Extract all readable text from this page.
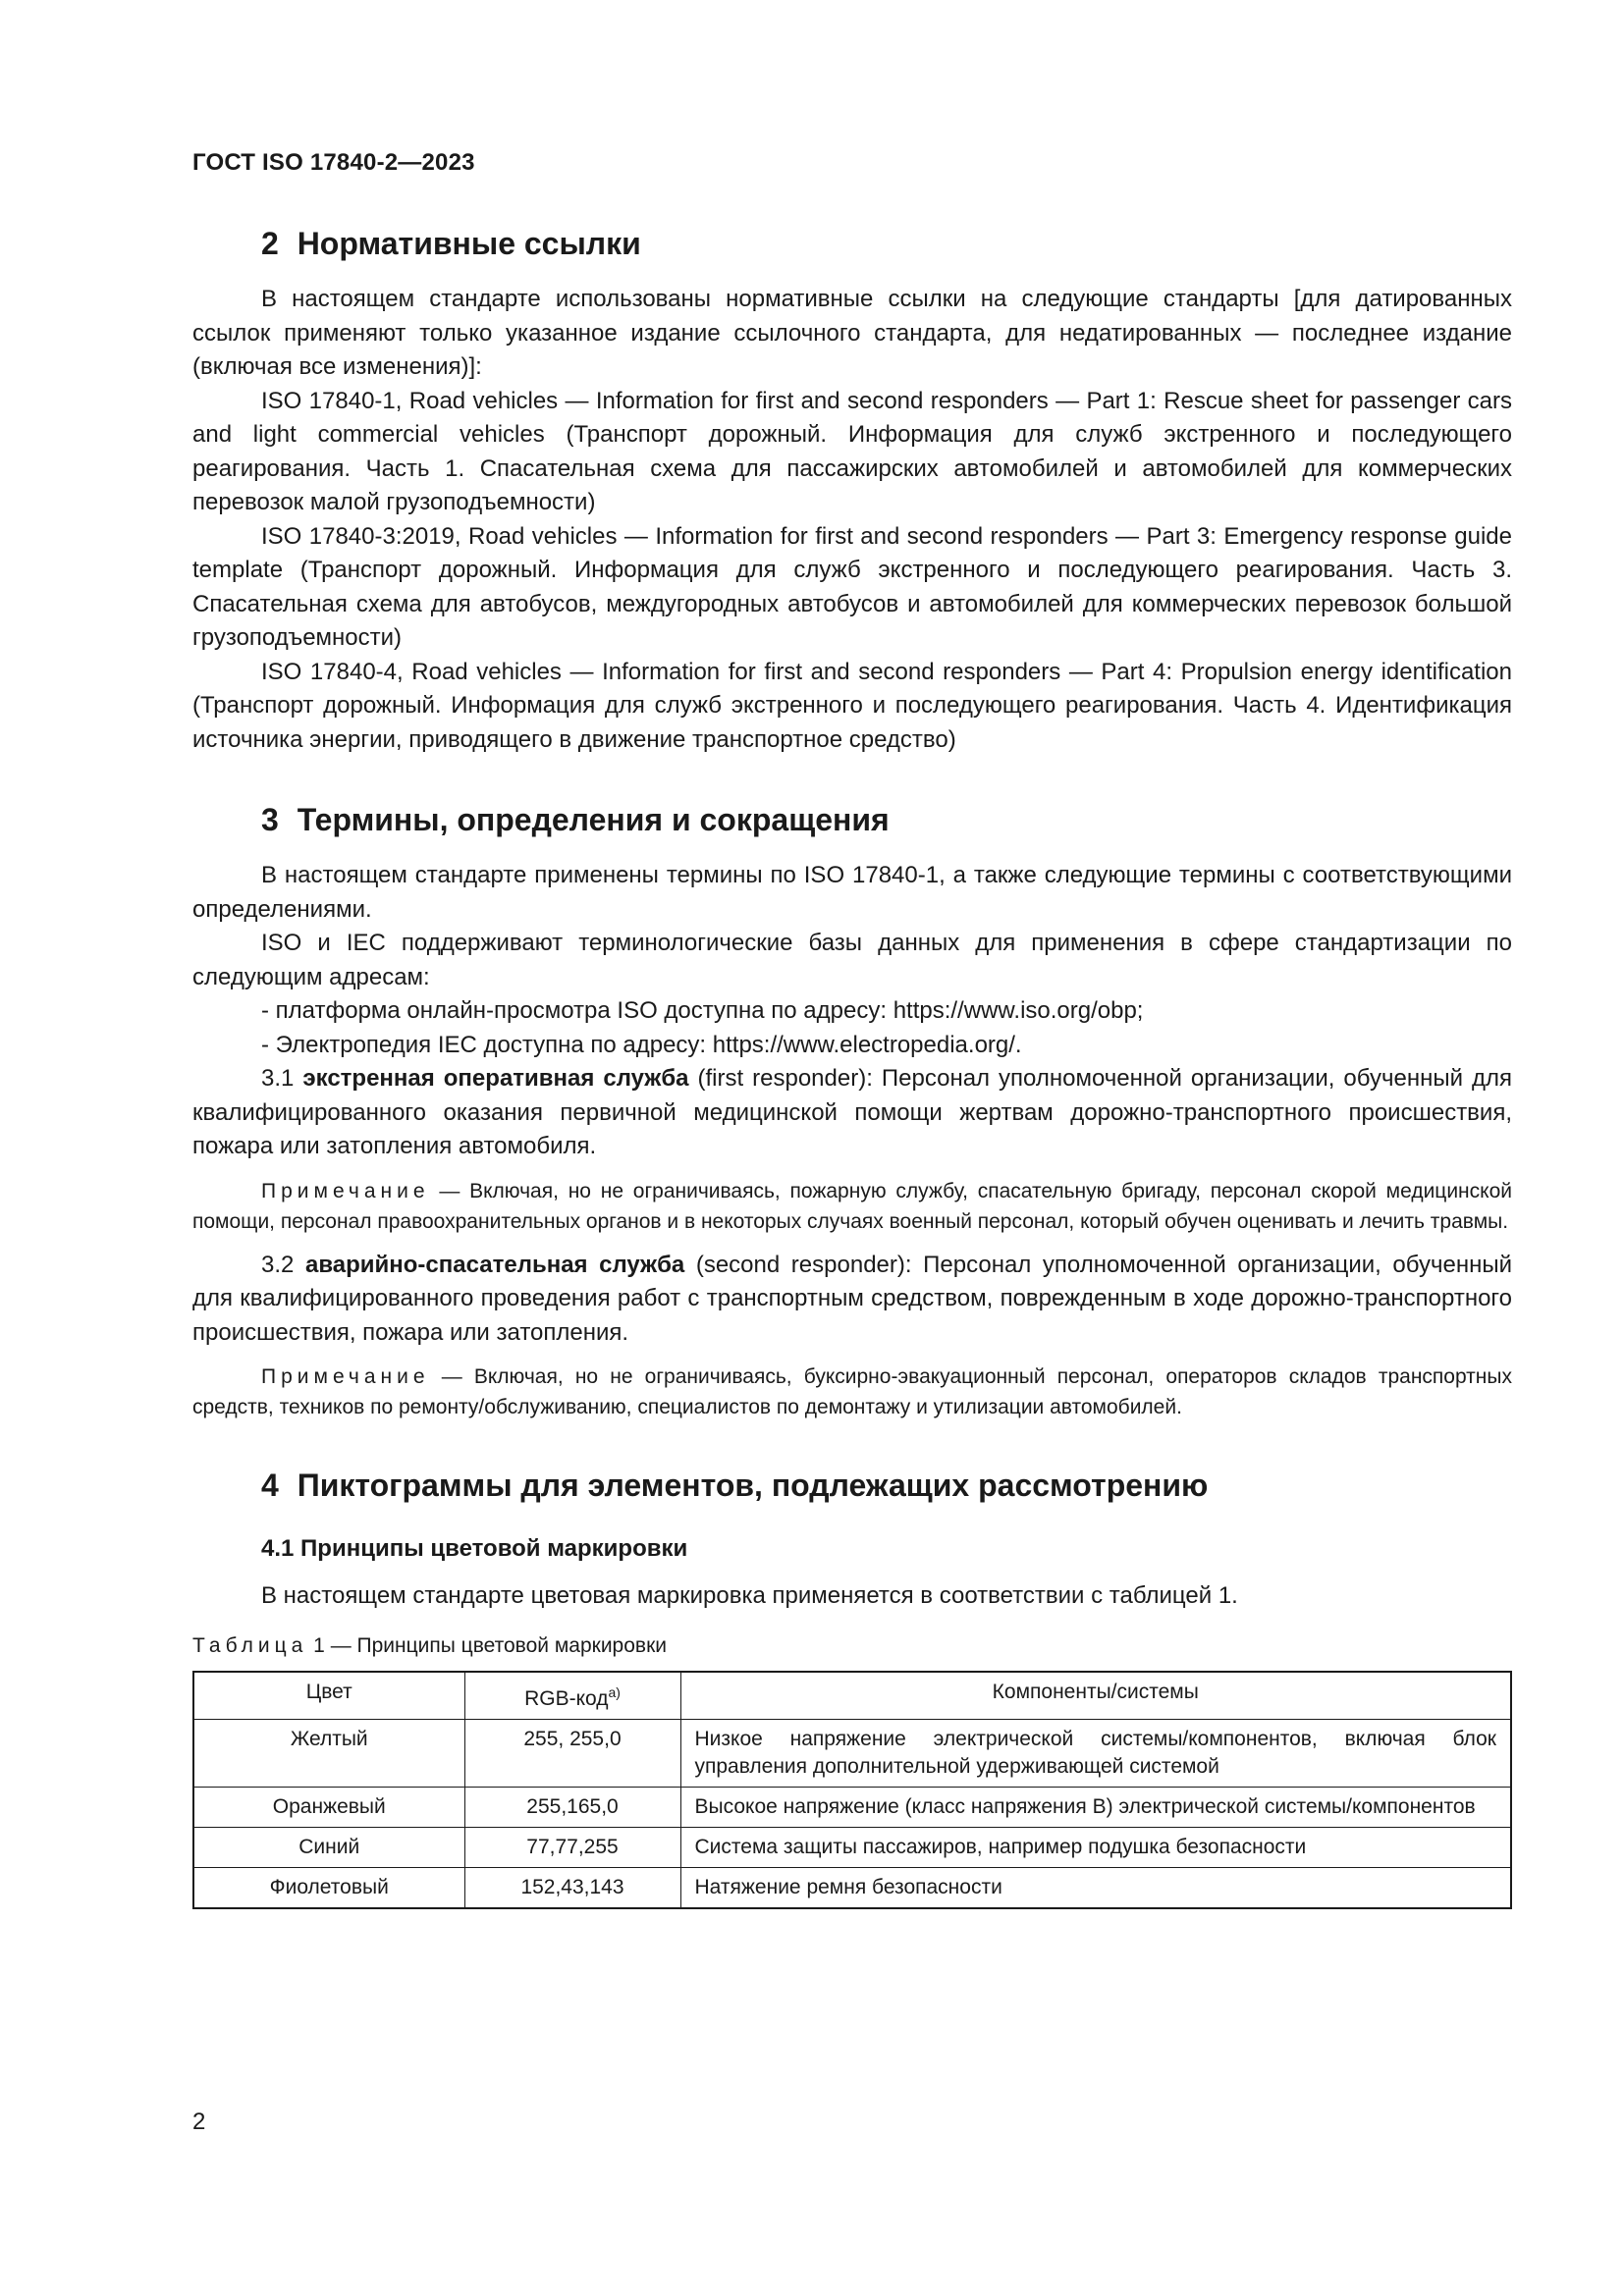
ГОСТ ISO 17840-2—2023
2 Нормативные ссылки

В настоящем стандарте использованы нормативные ссылки на следующие стандарты [для датированных ссылок применяют только указанное издание ссылочного стандарта, для недатированных — последнее издание (включая все изменения)]:

ISO 17840-1, Road vehicles — Information for first and second responders — Part 1: Rescue sheet for passenger cars and light commercial vehicles (Транспорт дорожный. Информация для служб экстренного и последующего реагирования. Часть 1. Спасательная схема для пассажирских автомобилей и автомобилей для коммерческих перевозок малой грузоподъемности)

ISO 17840-3:2019, Road vehicles — Information for first and second responders — Part 3: Emergency response guide template (Транспорт дорожный. Информация для служб экстренного и последующего реагирования. Часть 3. Спасательная схема для автобусов, междугородных автобусов и автомобилей для коммерческих перевозок большой грузоподъемности)

ISO 17840-4, Road vehicles — Information for first and second responders — Part 4: Propulsion energy identification (Транспорт дорожный. Информация для служб экстренного и последующего реагирования. Часть 4. Идентификация источника энергии, приводящего в движение транспортное средство)

3 Термины, определения и сокращения

В настоящем стандарте применены термины по ISO 17840-1, а также следующие термины с соответствующими определениями.

ISO и IEC поддерживают терминологические базы данных для применения в сфере стандартизации по следующим адресам:

- платформа онлайн-просмотра ISO доступна по адресу: https://www.iso.org/obp;

- Электропедия IEC доступна по адресу: https://www.electropedia.org/.

3.1 экстренная оперативная служба (first responder): Персонал уполномоченной организации, обученный для квалифицированного оказания первичной медицинской помощи жертвам дорожно-транспортного происшествия, пожара или затопления автомобиля.

Примечание — Включая, но не ограничиваясь, пожарную службу, спасательную бригаду, персонал скорой медицинской помощи, персонал правоохранительных органов и в некоторых случаях военный персонал, который обучен оценивать и лечить травмы.

3.2 аварийно-спасательная служба (second responder): Персонал уполномоченной организации, обученный для квалифицированного проведения работ с транспортным средством, поврежденным в ходе дорожно-транспортного происшествия, пожара или затопления.

Примечание — Включая, но не ограничиваясь, буксирно-эвакуационный персонал, операторов складов транспортных средств, техников по ремонту/обслуживанию, специалистов по демонтажу и утилизации автомобилей.

4 Пиктограммы для элементов, подлежащих рассмотрению
4.1 Принципы цветовой маркировки

В настоящем стандарте цветовая маркировка применяется в соответствии с таблицей 1.

Таблица 1 — Принципы цветовой маркировки

Цвет	RGB-код$^{а)}$	Компоненты/системы
Желтый	255, 255,0	Низкое напряжение электрической системы/компонентов, включая блок управления дополнительной удерживающей системой
Оранжевый	255,165,0	Высокое напряжение (класс напряжения В) электрической системы/компонентов
Синий	77,77,255	Система защиты пассажиров, например подушка безопасности
Фиолетовый	152,43,143	Натяжение ремня безопасности
2
